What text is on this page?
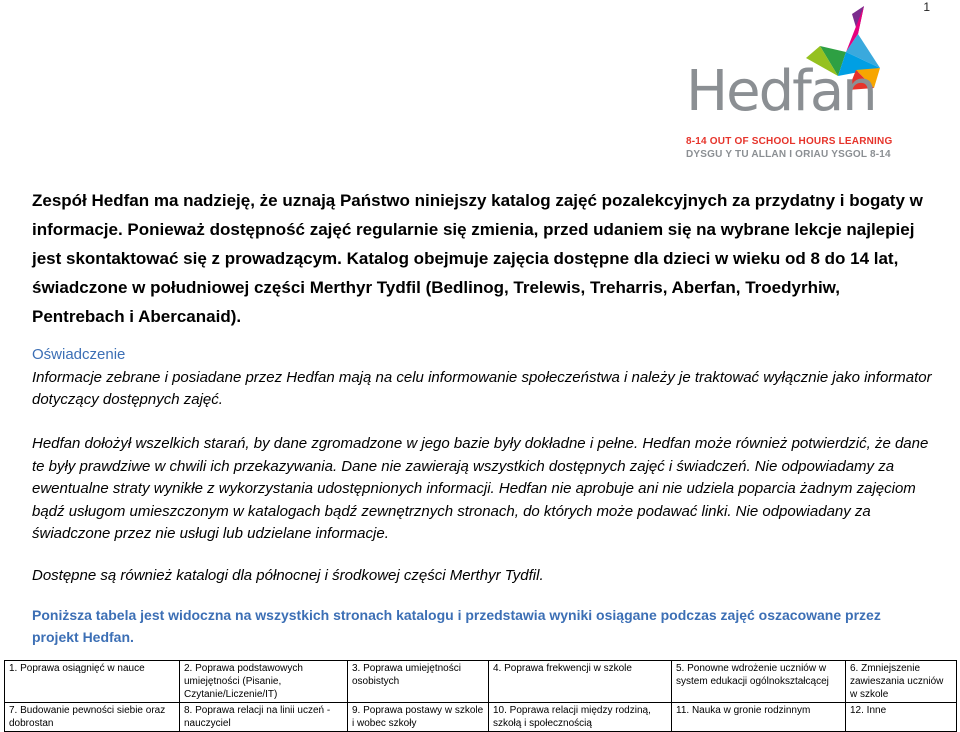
1
Hedfan
8-14 OUT OF SCHOOL HOURS LEARNING
DYSGU Y TU ALLAN I ORIAU YSGOL 8-14
Zespół Hedfan ma nadzieję, że uznają Państwo niniejszy katalog zajęć pozalekcyjnych za przydatny i bogaty w informacje. Ponieważ dostępność zajęć regularnie się zmienia, przed udaniem się na wybrane lekcje najlepiej jest skontaktować się z prowadzącym. Katalog obejmuje zajęcia dostępne dla dzieci w wieku od 8 do 14 lat, świadczone w południowej części Merthyr Tydfil (Bedlinog, Trelewis, Treharris, Aberfan, Troedyrhiw, Pentrebach i Abercanaid).
Oświadczenie
Informacje zebrane i posiadane przez Hedfan mają na celu informowanie społeczeństwa i należy je traktować wyłącznie jako informator dotyczący dostępnych zajęć.
Hedfan dołożył wszelkich starań, by dane zgromadzone w jego bazie były dokładne i pełne. Hedfan może również potwierdzić, że dane te były prawdziwe w chwili ich przekazywania. Dane nie zawierają wszystkich dostępnych zajęć i świadczeń. Nie odpowiadamy za ewentualne straty wynikłe z wykorzystania udostępnionych informacji. Hedfan nie aprobuje ani nie udziela poparcia żadnym zajęciom bądź usługom umieszczonym w katalogach bądź zewnętrznych stronach, do których może podawać linki. Nie odpowiadany za świadczone przez nie usługi lub udzielane informacje.
Dostępne są również katalogi dla północnej i środkowej części Merthyr Tydfil.
Poniższa tabela jest widoczna na wszystkich stronach katalogu i przedstawia wyniki osiągane podczas zajęć oszacowane przez projekt Hedfan.
1. Poprawa osiągnięć w nauce	2. Poprawa podstawowych umiejętności (Pisanie, Czytanie/Liczenie/IT)	3. Poprawa umiejętności osobistych	4. Poprawa frekwencji w szkole	5. Ponowne wdrożenie uczniów w system edukacji ogólnokształcącej	6. Zmniejszenie zawieszania uczniów w szkole
7. Budowanie pewności siebie oraz dobrostan	8. Poprawa relacji na linii uczeń - nauczyciel	9. Poprawa postawy w szkole i wobec szkoły	10. Poprawa relacji między rodziną, szkołą i społecznością	11. Nauka w gronie rodzinnym	12. Inne
